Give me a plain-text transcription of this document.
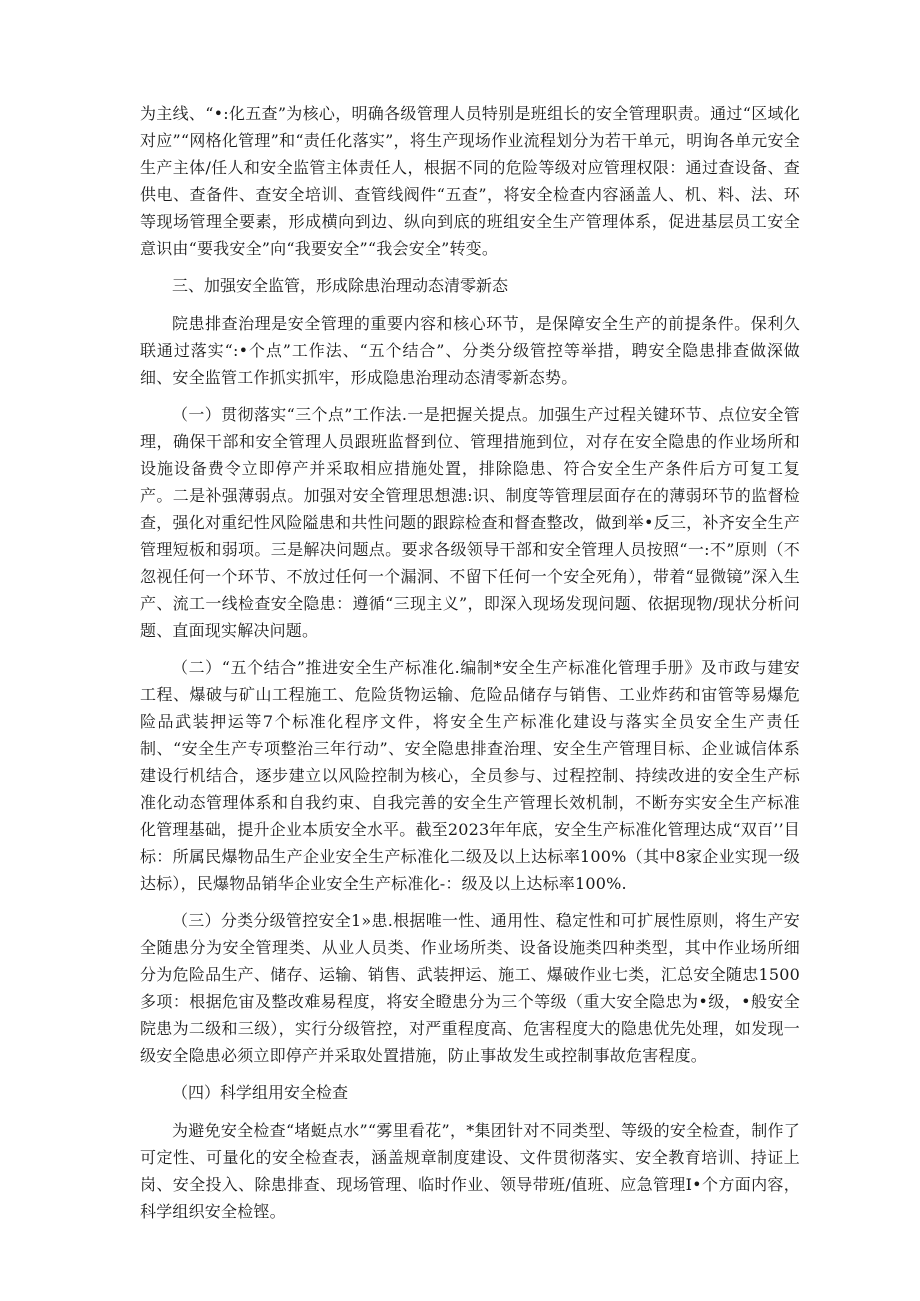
为主线、“•:化五查”为核心，明确各级管理人员特别是班组长的安全管理职责。通过“区域化对应”“网格化管理”和“责任化落实”，将生产现场作业流程划分为若干单元，明询各单元安全生产主体/任人和安全监管主体责任人，根据不同的危险等级对应管理权限：通过查设备、查供电、查备件、查安全培训、查管线阀件“五查”，将安全检查内容涵盖人、机、料、法、环等现场管理全要素，形成横向到边、纵向到底的班组安全生产管理体系，促进基层员工安全意识由“要我安全”向“我要安全”“我会安全”转变。

三、加强安全监管，形成除患治理动态清零新态

院患排查治理是安全管理的重要内容和核心环节，是保障安全生产的前提条件。保利久联通过落实“:•个点”工作法、“五个结合”、分类分级管控等举措，聘安全隐患排查做深做细、安全监管工作抓实抓牢，形成隐患治理动态清零新态势。

（一）贯彻落实“三个点”工作法.一是把握关提点。加强生产过程关键环节、点位安全管理，确保干部和安全管理人员跟班监督到位、管理措施到位，对存在安全隐患的作业场所和设施设备费令立即停产并采取相应措施处置，排除隐患、符合安全生产条件后方可复工复产。二是补强薄弱点。加强对安全管理思想漶:识、制度等管理层面存在的薄弱环节的监督检查，强化对重纪性风险隘患和共性问题的跟踪检查和督查整改，做到举•反三，补齐安全生产管理短板和弱项。三是解决问题点。要求各级领导干部和安全管理人员按照“一:不”原则（不忽视任何一个环节、不放过任何一个漏洞、不留下任何一个安全死角），带着“显微镜”深入生产、流工一线检查安全隐患：遵循“三现主义”，即深入现场发现问题、依据现物/现状分析问题、直面现实解决问题。

（二）“五个结合”推进安全生产标准化.编制*安全生产标准化管理手册》及市政与建安工程、爆破与矿山工程施工、危险货物运输、危险品储存与销售、工业炸药和宙管等易爆危险品武装押运等7个标准化程序文件，将安全生产标准化建设与落实全员安全生产责任制、“安全生产专项整治三年行动”、安全隐患排查治理、安全生产管理目标、企业诚信体系建设行机结合，逐步建立以风险控制为核心，全员参与、过程控制、持续改进的安全生产标准化动态管理体系和自我约束、自我完善的安全生产管理长效机制，不断夯实安全生产标准化管理基础，提升企业本质安全水平。截至2023年年底，安全生产标准化管理达成“双百’’目标：所属民爆物品生产企业安全生产标准化二级及以上达标率100%（其中8家企业实现一级达标），民爆物品销华企业安全生产标准化-：级及以上达标率100%.

（三）分类分级管控安全1»患.根据唯一性、通用性、稳定性和可扩展性原则，将生产安全随患分为安全管理类、从业人员类、作业场所类、设备设施类四种类型，其中作业场所细分为危险品生产、储存、运输、销售、武装押运、施工、爆破作业七类，汇总安全随忠1500多项：根据危宙及整改难易程度，将安全瞪患分为三个等级（重大安全隐忠为•级，•般安全院患为二级和三级），实行分级管控，对严重程度高、危害程度大的隐患优先处理，如发现一级安全隐患必须立即停产并采取处置措施，防止事故发生或控制事故危害程度。

（四）科学组用安全检查

为避免安全检查“堵蜓点水”“雾里看花”，*集团针对不同类型、等级的安全检查，制作了可定性、可量化的安全检查表，涵盖规章制度建设、文件贯彻落实、安全教育培训、持证上岗、安全投入、除患排查、现场管理、临时作业、领导带班/值班、应急管理I•个方面内容，科学组织安全检铿。
